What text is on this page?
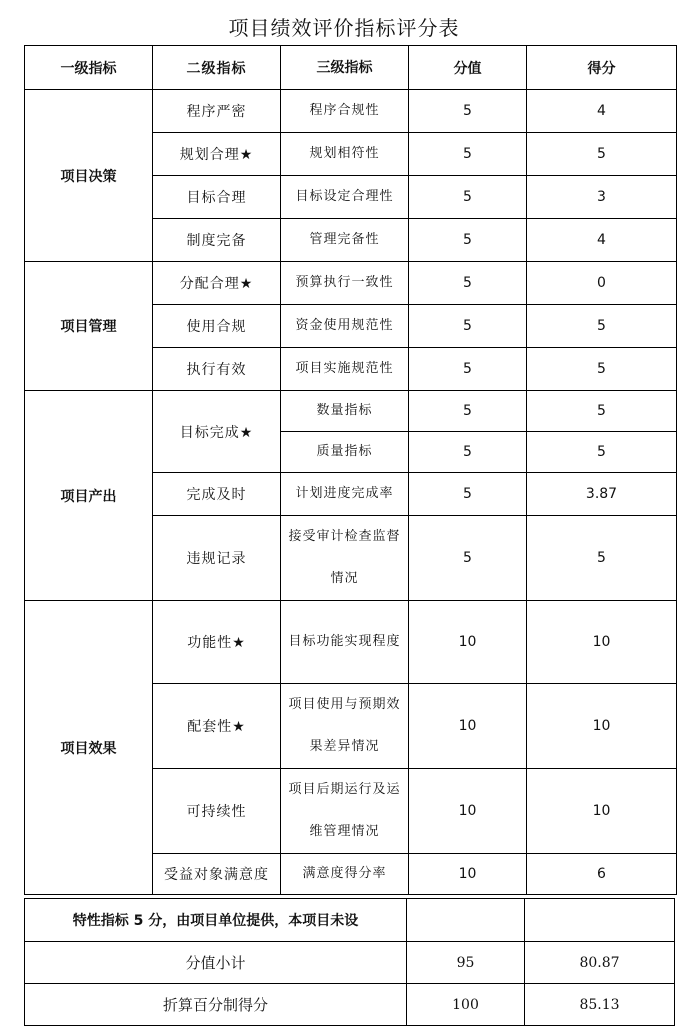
项目绩效评价指标评分表
一级指标	二级指标	三级指标	分值	得分
项目决策	程序严密	程序合规性	5	4
	规划合理★	规划相符性	5	5
	目标合理	目标设定合理性	5	3
	制度完备	管理完备性	5	4
项目管理	分配合理★	预算执行一致性	5	0
	使用合规	资金使用规范性	5	5
	执行有效	项目实施规范性	5	5
项目产出	目标完成★	数量指标	5	5
		质量指标	5	5
	完成及时	计划进度完成率	5	3.87
	违规记录	接受审计检查监督情况	5	5
项目效果	功能性★	目标功能实现程度	10	10
	配套性★	项目使用与预期效果差异情况	10	10
	可持续性	项目后期运行及运维管理情况	10	10
	受益对象满意度	满意度得分率	10	6
特性指标 5 分，由项目单位提供，本项目未设		
分值小计	95	80.87
折算百分制得分	100	85.13
